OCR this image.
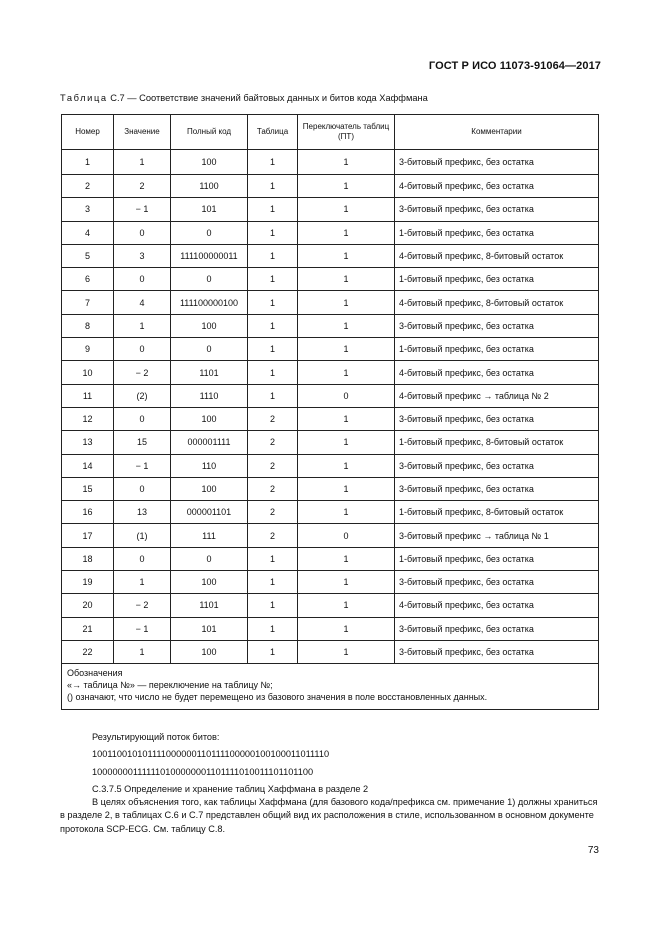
ГОСТ Р ИСО 11073-91064—2017
Таблица С.7 — Соответствие значений байтовых данных и битов кода Хаффмана
Номер	Значение	Полный код	Таблица	Переключатель таблиц (ПТ)	Комментарии
1	1	100	1	1	3-битовый префикс, без остатка
2	2	1100	1	1	4-битовый префикс, без остатка
3	− 1	101	1	1	3-битовый префикс, без остатка
4	0	0	1	1	1-битовый префикс, без остатка
5	3	111100000011	1	1	4-битовый префикс, 8-битовый остаток
6	0	0	1	1	1-битовый префикс, без остатка
7	4	111100000100	1	1	4-битовый префикс, 8-битовый остаток
8	1	100	1	1	3-битовый префикс, без остатка
9	0	0	1	1	1-битовый префикс, без остатка
10	− 2	1101	1	1	4-битовый префикс, без остатка
11	(2)	1110	1	0	4-битовый префикс → таблица № 2
12	0	100	2	1	3-битовый префикс, без остатка
13	15	000001111	2	1	1-битовый префикс, 8-битовый остаток
14	− 1	110	2	1	3-битовый префикс, без остатка
15	0	100	2	1	3-битовый префикс, без остатка
16	13	000001101	2	1	1-битовый префикс, 8-битовый остаток
17	(1)	111	2	0	3-битовый префикс → таблица № 1
18	0	0	1	1	1-битовый префикс, без остатка
19	1	100	1	1	3-битовый префикс, без остатка
20	− 2	1101	1	1	4-битовый префикс, без остатка
21	− 1	101	1	1	3-битовый префикс, без остатка
22	1	100	1	1	3-битовый префикс, без остатка

Обозначения
«→ таблица №» — переключение на таблицу №;
() означают, что число не будет перемещено из базового значения в поле восстановленных данных.					
Результирующий поток битов:
100110010101111000000110111100000100100011011110
100000001111110100000001101111010011101101100
С.3.7.5 Определение и хранение таблиц Хаффмана в разделе 2
В целях объяснения того, как таблицы Хаффмана (для базового кода/префикса см. примечание 1) должны храниться в разделе 2, в таблицах С.6 и С.7 представлен общий вид их расположения в стиле, использованном в основном документе протокола SCP-ECG. См. таблицу С.8.
73
